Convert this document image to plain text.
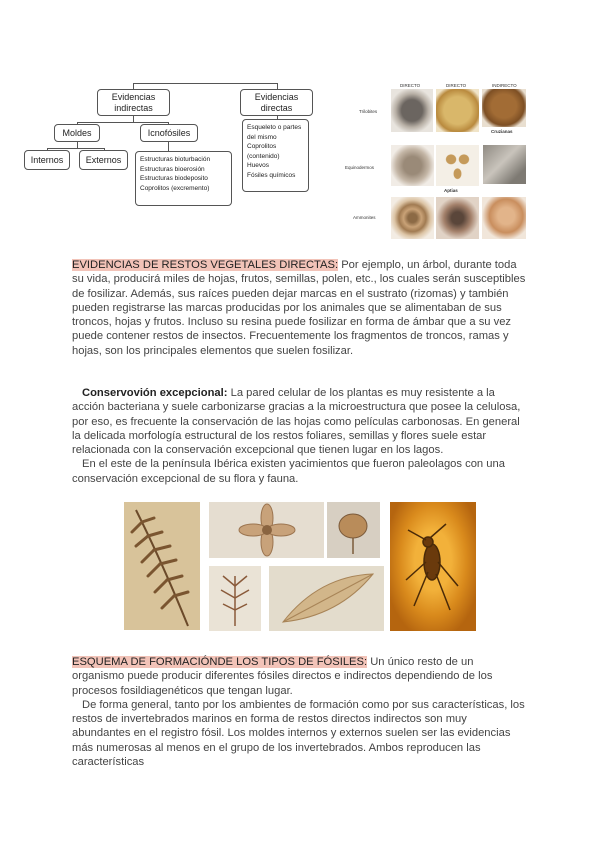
Evidencias indirectas
Evidencias directas
Moldes	Icnofósiles
Internos	Externos	Estructuras bioturbación
Estructuras bioerosión
Estructuras biodeposito
Coprolitos (excremento)
Esqueleto o partes del mismo
Coprolitos (contenido)
Huevos
Fósiles químicos
DIRECTO	DIRECTO	INDIRECTO
Trilobites
Equinodermos
Ammonites
Cruzianas
Aptias
EVIDENCIAS DE RESTOS VEGETALES DIRECTAS: Por ejemplo, un árbol, durante toda su vida, producirá miles de hojas, frutos, semillas, polen, etc., los cuales serán susceptibles de fosilizar. Además, sus raíces pueden dejar marcas en el sustrato (rizomas) y también pueden registrarse las marcas producidas por los animales que se alimentaban de sus troncos, hojas y frutos. Incluso su resina puede fosilizar en forma de ámbar que a su vez puede contener restos de insectos. Frecuentemente los fragmentos de troncos, ramas y hojas, son los principales elementos que suelen fosilizar.
Conservovión excepcional: La pared celular de los plantas es muy resistente a la acción bacteriana y suele carbonizarse gracias a la microestructura que posee la celulosa, por eso, es frecuente la conservación de las hojas como películas carbonosas. En general la delicada morfología estructural de los restos foliares, semillas y flores suele estar relacionada con la conservación excepcional que tienen lugar en los lagos.
En el este de la península Ibérica existen yacimientos que fueron paleolagos con una conservación excepcional de su flora y fauna.
ESQUEMA DE FORMACIÓNDE LOS TIPOS DE FÓSILES: Un único resto de un organismo puede producir diferentes fósiles directos e indirectos dependiendo de los procesos fosildiagenéticos que tengan lugar.
De forma general, tanto por los ambientes de formación como por sus características, los restos de invertebrados marinos en forma de restos directos indirectos son muy abundantes en el registro fósil. Los moldes internos y externos suelen ser las evidencias más numerosas al menos en el grupo de los invertebrados. Ambos reproducen las características
